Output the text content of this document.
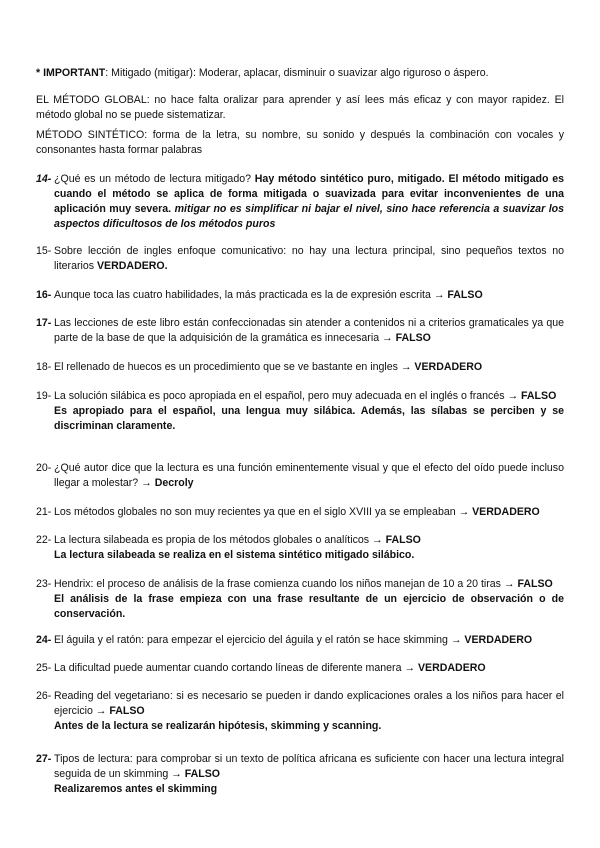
* IMPORTANT: Mitigado (mitigar): Moderar, aplacar, disminuir o suavizar algo riguroso o áspero.
EL MÉTODO GLOBAL: no hace falta oralizar para aprender y así lees más eficaz y con mayor rapidez. El método global no se puede sistematizar.
MÉTODO SINTÉTICO: forma de la letra, su nombre, su sonido y después la combinación con vocales y consonantes hasta formar palabras
14- ¿Qué es un método de lectura mitigado? Hay método sintético puro, mitigado. El método mitigado es cuando el método se aplica de forma mitigada o suavizada para evitar inconvenientes de una aplicación muy severa. mitigar no es simplificar ni bajar el nivel, sino hace referencia a suavizar los aspectos dificultosos de los métodos puros
15- Sobre lección de ingles enfoque comunicativo: no hay una lectura principal, sino pequeños textos no literarios VERDADERO.
16- Aunque toca las cuatro habilidades, la más practicada es la de expresión escrita → FALSO
17- Las lecciones de este libro están confeccionadas sin atender a contenidos ni a criterios gramaticales ya que parte de la base de que la adquisición de la gramática es innecesaria → FALSO
18- El rellenado de huecos es un procedimiento que se ve bastante en ingles → VERDADERO
19- La solución silábica es poco apropiada en el español, pero muy adecuada en el inglés o francés → FALSO
Es apropiado para el español, una lengua muy silábica. Además, las sílabas se perciben y se discriminan claramente.
20- ¿Qué autor dice que la lectura es una función eminentemente visual y que el efecto del oído puede incluso llegar a molestar? → Decroly
21- Los métodos globales no son muy recientes ya que en el siglo XVIII ya se empleaban → VERDADERO
22- La lectura silabeada es propia de los métodos globales o analíticos → FALSO
La lectura silabeada se realiza en el sistema sintético mitigado silábico.
23- Hendrix: el proceso de análisis de la frase comienza cuando los niños manejan de 10 a 20 tiras → FALSO
El análisis de la frase empieza con una frase resultante de un ejercicio de observación o de conservación.
24- El águila y el ratón: para empezar el ejercicio del águila y el ratón se hace skimming → VERDADERO
25- La dificultad puede aumentar cuando cortando líneas de diferente manera → VERDADERO
26- Reading del vegetariano: si es necesario se pueden ir dando explicaciones orales a los niños para hacer el ejercicio → FALSO
Antes de la lectura se realizarán hipótesis, skimming y scanning.
27- Tipos de lectura: para comprobar si un texto de política africana es suficiente con hacer una lectura integral seguida de un skimming → FALSO
Realizaremos antes el skimming
